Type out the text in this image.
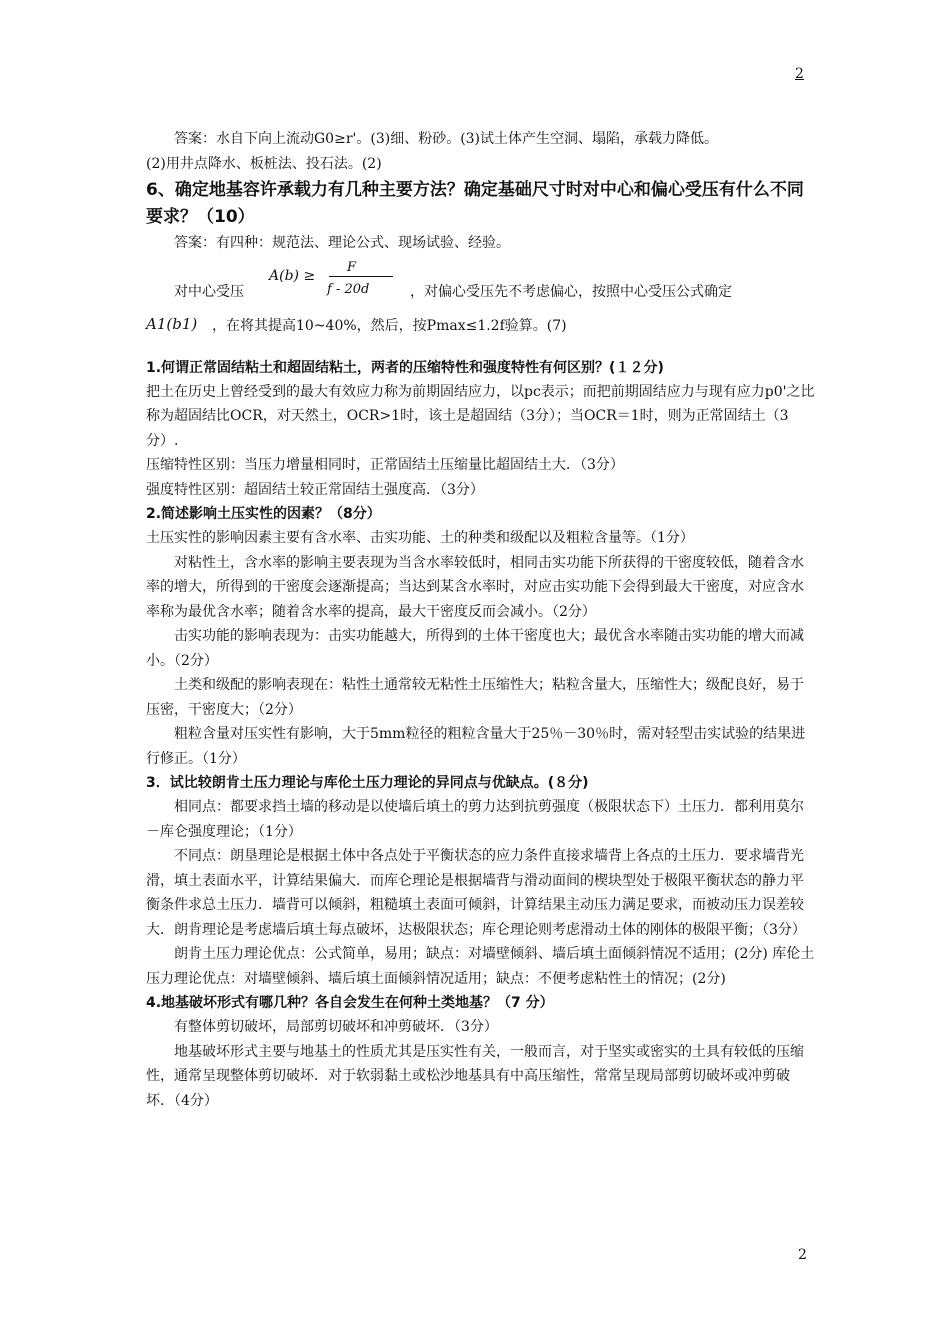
2

答案：水自下向上流动G0≥r'。(3)细、粉砂。(3)试土体产生空洞、塌陷，承载力降低。

(2)用井点降水、板桩法、投石法。(2)

6、确定地基容许承载力有几种主要方法？确定基础尺寸时对中心和偏心受压有什么不同要求？（10）

答案：有四种：规范法、理论公式、现场试验、经验。

对中心受压
A(b) ≥
F
f - 20d	，对偏心受压先不考虑偏心，按照中心受压公式确定
A1(b1) ，在将其提高10~40%，然后，按Pmax≤1.2f验算。(7)

1.何谓正常固结粘土和超固结粘土，两者的压缩特性和强度特性有何区别？(１２分)

把土在历史上曾经受到的最大有效应力称为前期固结应力，以pc表示；而把前期固结应力与现有应力p0'之比称为超固结比OCR，对天然土，OCR>1时，该土是超固结（3分）；当OCR＝1时，则为正常固结土（3分）.

压缩特性区别：当压力增量相同时，正常固结土压缩量比超固结土大．（3分）

强度特性区别：超固结土较正常固结土强度高．（3分）

2.简述影响土压实性的因素？（8分）

土压实性的影响因素主要有含水率、击实功能、土的种类和级配以及粗粒含量等。（1分）

对粘性土，含水率的影响主要表现为当含水率较低时，相同击实功能下所获得的干密度较低，随着含水率的增大，所得到的干密度会逐渐提高；当达到某含水率时，对应击实功能下会得到最大干密度，对应含水率称为最优含水率；随着含水率的提高，最大干密度反而会减小。（2分）

击实功能的影响表现为：击实功能越大，所得到的土体干密度也大；最优含水率随击实功能的增大而减小。（2分）

土类和级配的影响表现在：粘性土通常较无粘性土压缩性大；粘粒含量大，压缩性大；级配良好，易于压密，干密度大；（2分）

粗粒含量对压实性有影响，大于5mm粒径的粗粒含量大于25％－30％时，需对轻型击实试验的结果进行修正。（1分）

3．试比较朗肯土压力理论与库伦土压力理论的异同点与优缺点。(８分)

相同点：都要求挡土墙的移动是以使墙后填土的剪力达到抗剪强度（极限状态下）土压力．都利用莫尔－库仑强度理论；（1分）

不同点：朗垦理论是根据土体中各点处于平衡状态的应力条件直接求墙背上各点的土压力．要求墙背光滑，填土表面水平，计算结果偏大．而库仑理论是根据墙背与滑动面间的楔块型处于极限平衡状态的静力平衡条件求总土压力．墙背可以倾斜，粗糙填土表面可倾斜，计算结果主动压力满足要求，而被动压力误差较大．朗肯理论是考虑墙后填土每点破坏，达极限状态；库仑理论则考虑滑动土体的刚体的极限平衡；（3分）

朗肯土压力理论优点：公式简单，易用；缺点：对墙壁倾斜、墙后填土面倾斜情况不适用；(2分) 库伦土压力理论优点：对墙壁倾斜、墙后填土面倾斜情况适用；缺点：不便考虑粘性土的情况；(2分)

4.地基破坏形式有哪几种？各自会发生在何种土类地基？（7 分）

有整体剪切破坏，局部剪切破坏和冲剪破坏．（3分）

地基破坏形式主要与地基土的性质尤其是压实性有关，一般而言，对于坚实或密实的土具有较低的压缩性，通常呈现整体剪切破坏．对于软弱黏土或松沙地基具有中高压缩性，常常呈现局部剪切破坏或冲剪破坏．（4分）

2
